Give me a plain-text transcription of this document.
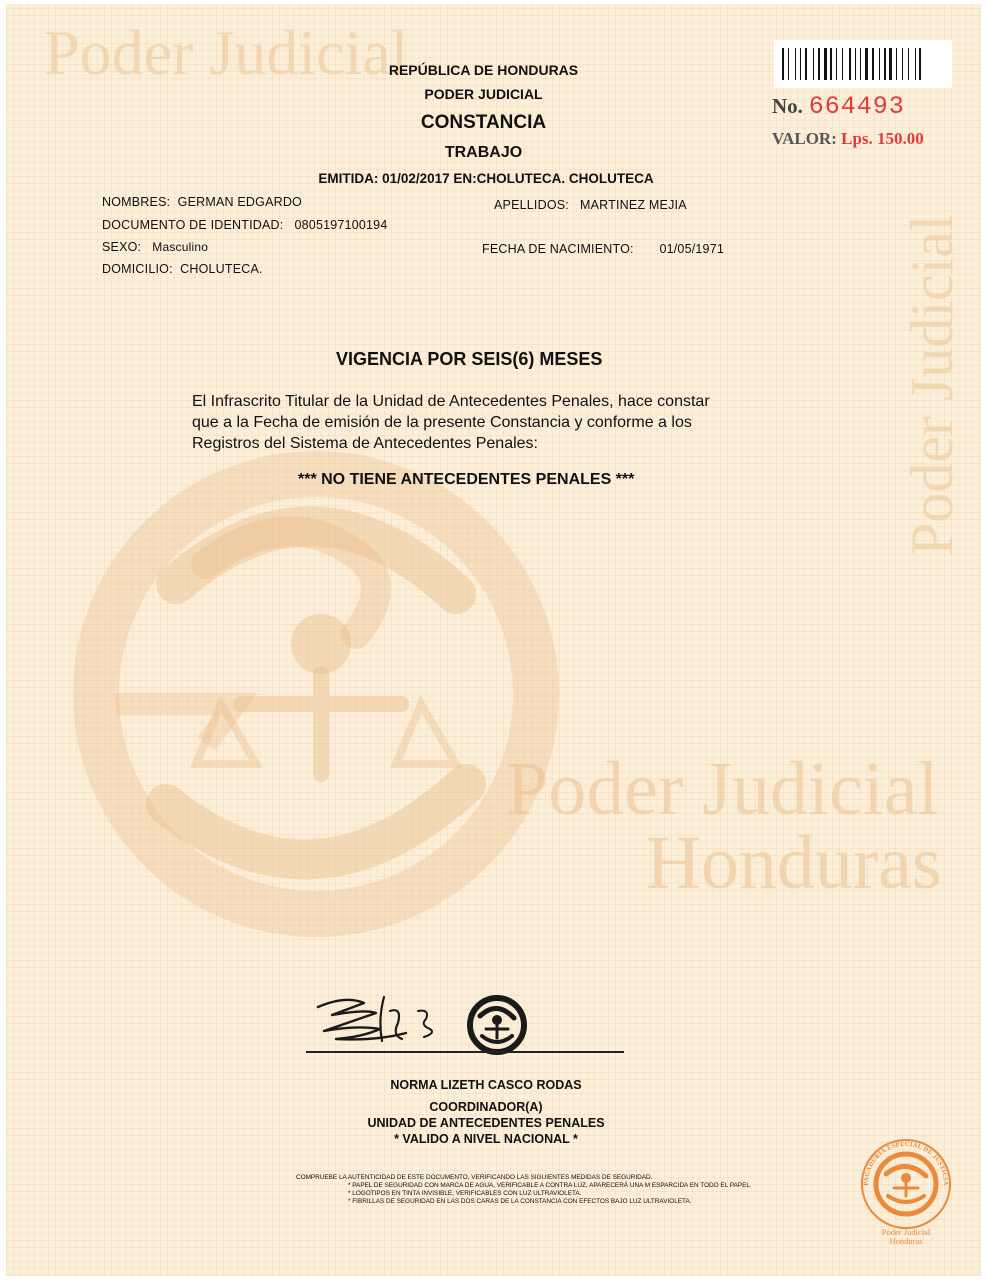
Poder Judicial
Poder Judicial
Poder Judicial
Honduras
No. 664493
VALOR: Lps. 150.00
REPÚBLICA DE HONDURAS
PODER JUDICIAL
CONSTANCIA
TRABAJO
EMITIDA: 01/02/2017 EN:CHOLUTECA. CHOLUTECA
NOMBRES: GERMAN EDGARDO	APELLIDOS: MARTINEZ MEJIA
DOCUMENTO DE IDENTIDAD: 0805197100194
SEXO: Masculino	FECHA DE NACIMIENTO: 01/05/1971
DOMICILIO: CHOLUTECA.
VIGENCIA POR SEIS(6) MESES
El Infrascrito Titular de la Unidad de Antecedentes Penales, hace constar
que a la Fecha de emisión de la presente Constancia y conforme a los
Registros del Sistema de Antecedentes Penales:
*** NO TIENE ANTECEDENTES PENALES ***
NORMA LIZETH CASCO RODAS
COORDINADOR(A)
UNIDAD DE ANTECEDENTES PENALES
* VALIDO A NIVEL NACIONAL *
COMPRUEBE LA AUTENTICIDAD DE ESTE DOCUMENTO, VERIFICANDO LAS SIGUIENTES MEDIDAS DE SEGURIDAD.
* PAPEL DE SEGURIDAD CON MARCA DE AGUA, VERIFICABLE A CONTRA LUZ, APARECERÁ UNA M ESPARCIDA EN TODO EL PAPEL.
* LOGOTIPOS EN TINTA INVISIBLE, VERIFICABLES CON LUZ ULTRAVIOLETA.
* FIBRILLAS DE SEGURIDAD EN LAS DOS CARAS DE LA CONSTANCIA CON EFECTOS BAJO LUZ ULTRAVIOLETA.
PAGADURÍA ESPECIAL DE JUSTICIA
Poder Judicial
Honduras
